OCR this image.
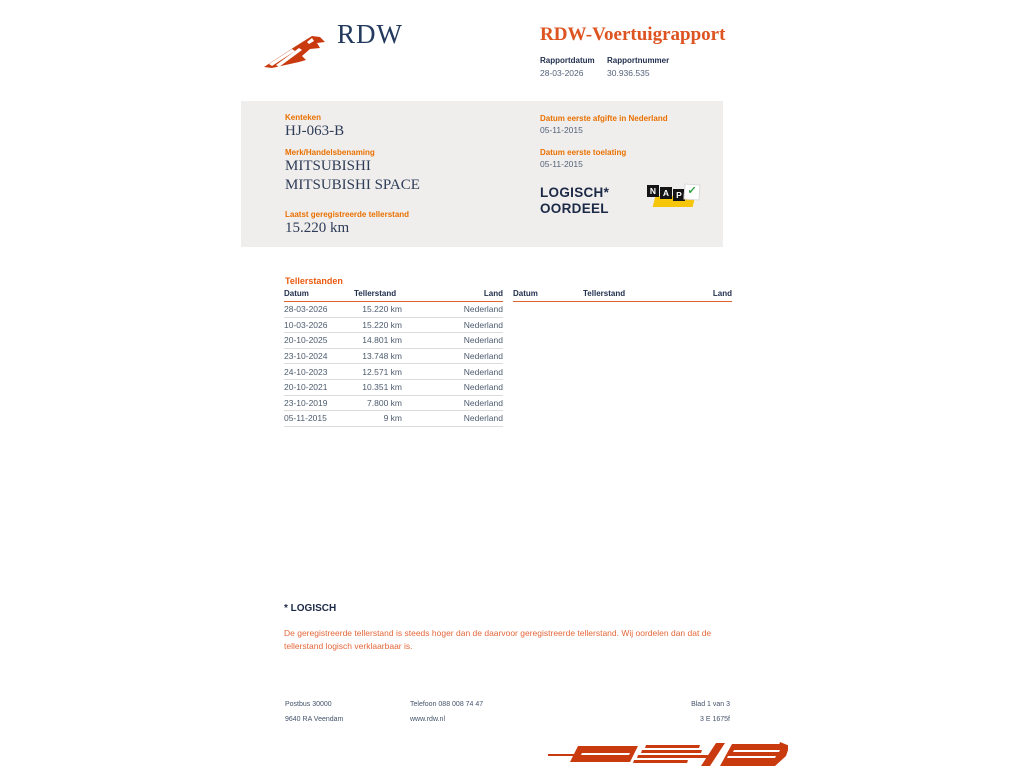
RDW	RDW-Voertuigrapport
Rapportdatum Rapportnummer
28-03-2026	30.936.535
Kenteken
HJ-063-B
Merk/Handelsbenaming
MITSUBISHI
MITSUBISHI SPACE
Laatst geregistreerde tellerstand
15.220 km
Datum eerste afgifte in Nederland
05-11-2015
Datum eerste toelating
05-11-2015
LOGISCH*
OORDEEL
N A P ✓
Tellerstanden
Datum	Tellerstand	Land
28-03-2026	15.220 km	Nederland
10-03-2026	15.220 km	Nederland
20-10-2025	14.801 km	Nederland
23-10-2024	13.748 km	Nederland
24-10-2023	12.571 km	Nederland
20-10-2021	10.351 km	Nederland
23-10-2019	7.800 km	Nederland
05-11-2015	9 km	Nederland
Datum	Tellerstand	Land
* LOGISCH

De geregistreerde tellerstand is steeds hoger dan de daarvoor geregistreerde tellerstand. Wij oordelen dan dat de tellerstand logisch verklaarbaar is.

Postbus 30000
9640 RA Veendam
Telefoon 088 008 74 47
www.rdw.nl
Blad 1 van 3
3 E 1675f
